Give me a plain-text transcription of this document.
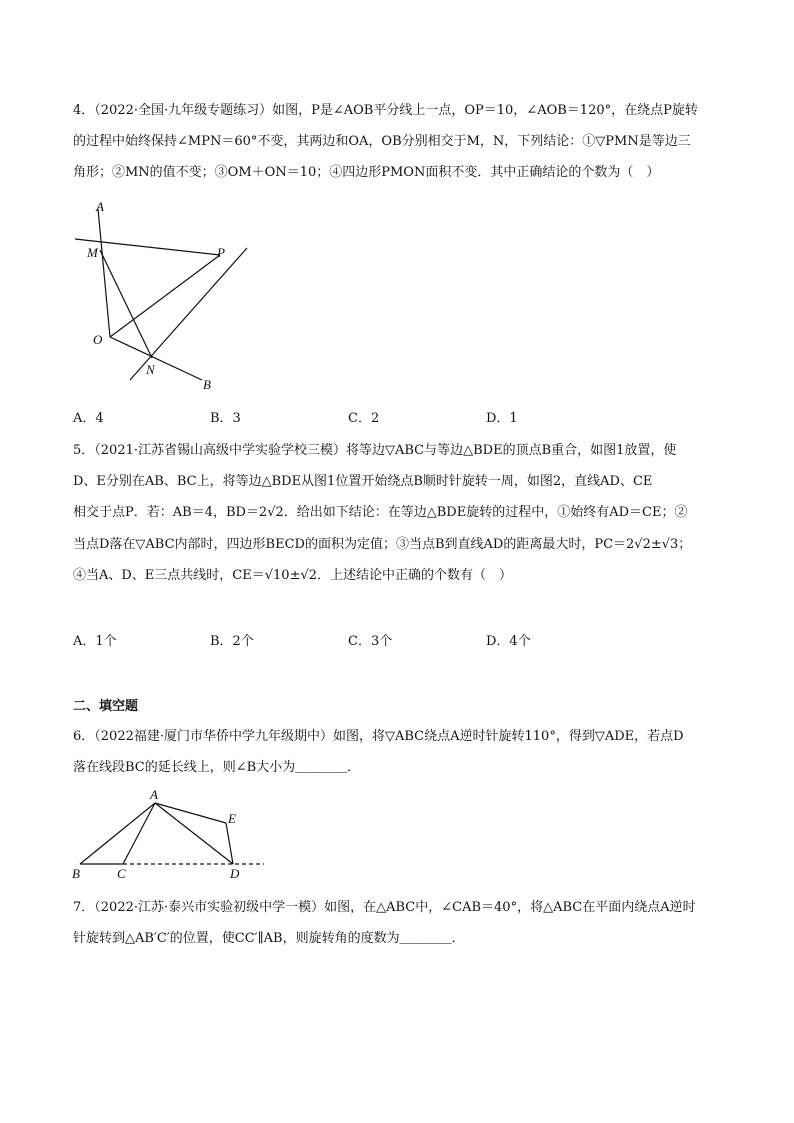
4．（2022·全国·九年级专题练习）如图，P是∠AOB平分线上一点，OP＝10，∠AOB＝120°，在绕点P旋转
的过程中始终保持∠MPN＝60°不变，其两边和OA，OB分别相交于M，N，下列结论：①▽PMN是等边三
角形；②MN的值不变；③OM＋ON＝10；④四边形PMON面积不变．其中正确结论的个数为（　）
A
M	P
O
N
B
A．4	B．3	C．2	D．1
5．（2021·江苏省锡山高级中学实验学校三模）将等边▽ABC与等边△BDE的顶点B重合，如图1放置，使
D、E分别在AB、BC上，将等边△BDE从图1位置开始绕点B顺时针旋转一周，如图2，直线AD、CE
相交于点P．若：AB＝4，BD＝2√2．给出如下结论：在等边△BDE旋转的过程中，①始终有AD＝CE；②
当点D落在▽ABC内部时，四边形BECD的面积为定值；③当点B到直线AD的距离最大时，PC＝2√2±√3；
④当A、D、E三点共线时，CE＝√10±√2．上述结论中正确的个数有（　）
A．1个	B．2个	C．3个	D．4个
二、填空题
6．（2022福建·厦门市华侨中学九年级期中）如图，将▽ABC绕点A逆时针旋转110°，得到▽ADE，若点D
落在线段BC的延长线上，则∠B大小为＿＿＿＿．
A
E
B	C	D
7．（2022·江苏·泰兴市实验初级中学一模）如图，在△ABC中，∠CAB＝40°，将△ABC在平面内绕点A逆时
针旋转到△AB′C′的位置，使CC′∥AB，则旋转角的度数为＿＿＿＿．
